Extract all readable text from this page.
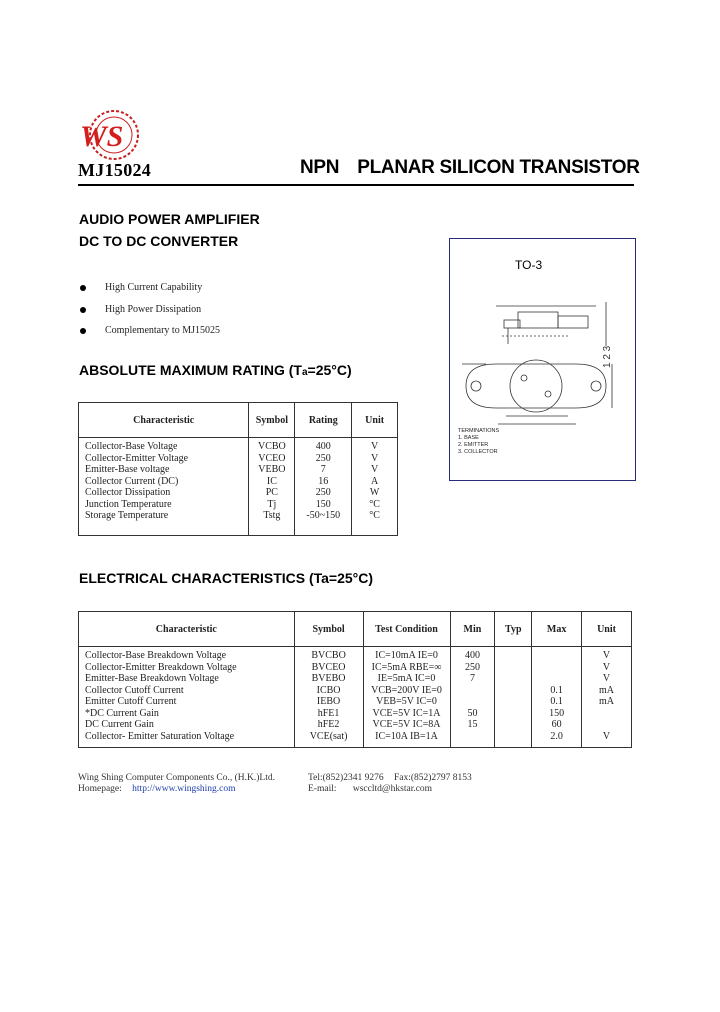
WS
MJ15024	NPN PLANAR SILICON TRANSISTOR
AUDIO POWER AMPLIFIER
DC TO DC CONVERTER
High Current Capability
High Power Dissipation
Complementary to MJ15025
ABSOLUTE MAXIMUM RATING (Ta=25°C)
Characteristic	Symbol	Rating	Unit
Collector-Base Voltage	VCBO	400	V
Collector-Emitter Voltage	VCEO	250	V
Emitter-Base voltage	VEBO	7	V
Collector Current (DC)	IC	16	A
Collector Dissipation	PC	250	W
Junction Temperature	Tj	150	°C
Storage Temperature	Tstg	-50~150	°C
TO-3
1 2 3
TERMINATIONS
1. BASE
2. EMITTER
3. COLLECTOR
ELECTRICAL CHARACTERISTICS (Ta=25°C)
Characteristic	Symbol	Test Condition	Min	Typ	Max	Unit
Collector-Base Breakdown Voltage	BVCBO	IC=10mA IE=0	400			V
Collector-Emitter Breakdown Voltage	BVCEO	IC=5mA RBE=∞	250			V
Emitter-Base Breakdown Voltage	BVEBO	IE=5mA IC=0	7			V
Collector Cutoff Current	ICBO	VCB=200V IE=0			0.1	mA
Emitter Cutoff Current	IEBO	VEB=5V IC=0			0.1	mA
*DC Current Gain	hFE1	VCE=5V IC=1A	50		150	
DC Current Gain	hFE2	VCE=5V IC=8A	15		60	
Collector- Emitter Saturation Voltage	VCE(sat)	IC=10A IB=1A			2.0	V
Wing Shing Computer Components Co., (H.K.)Ltd.
Homepage: http://www.wingshing.com
Tel:(852)2341 9276 Fax:(852)2797 8153
E-mail: wsccltd@hkstar.com
